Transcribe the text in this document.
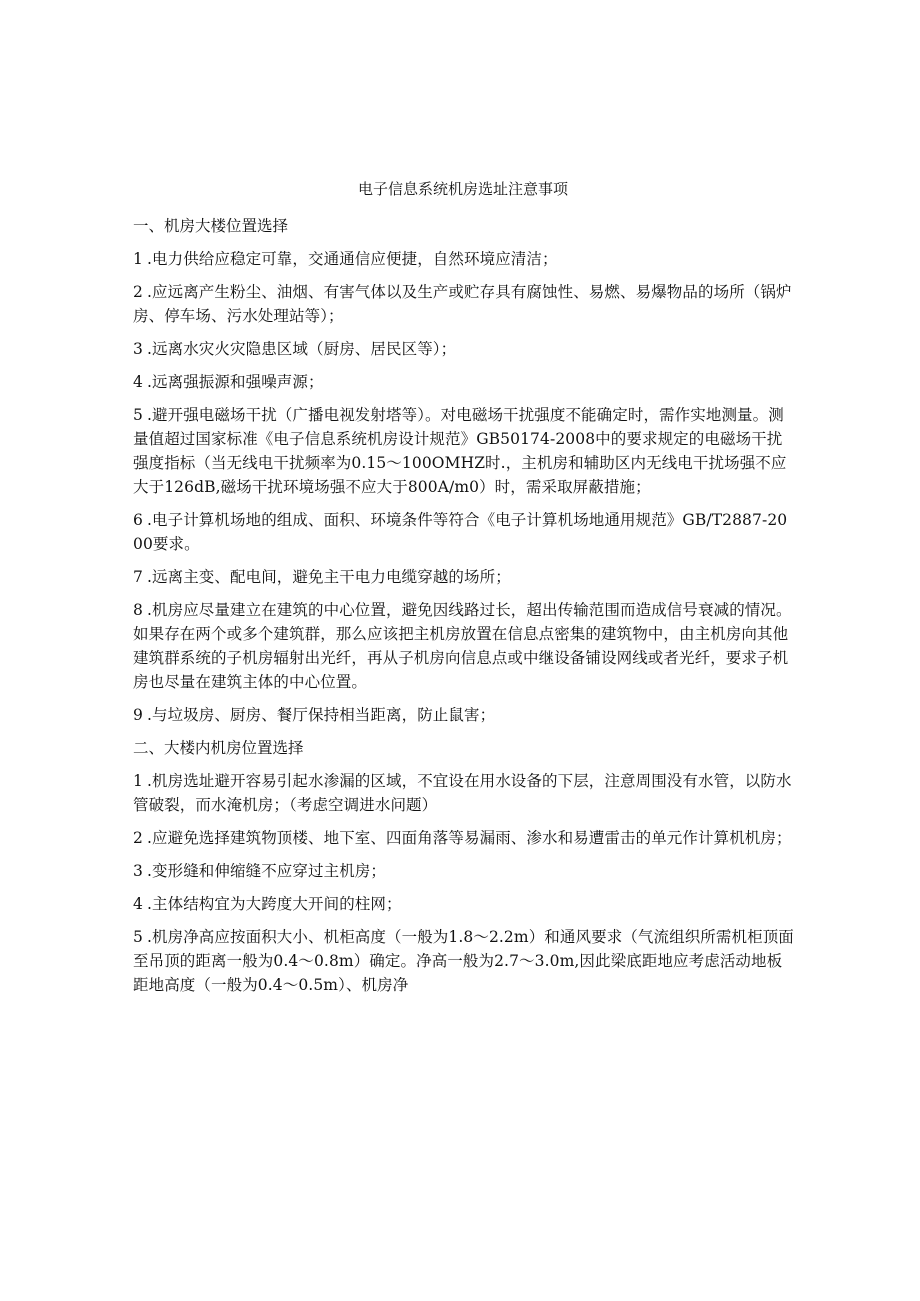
电子信息系统机房选址注意事项

一、机房大楼位置选择

1 .电力供给应稳定可靠，交通通信应便捷，自然环境应清洁；

2 .应远离产生粉尘、油烟、有害气体以及生产或贮存具有腐蚀性、易燃、易爆物品的场所（锅炉房、停车场、污水处理站等）；

3 .远离水灾火灾隐患区域（厨房、居民区等）；

4 .远离强振源和强噪声源；

5 .避开强电磁场干扰（广播电视发射塔等）。对电磁场干扰强度不能确定时，需作实地测量。测量值超过国家标准《电子信息系统机房设计规范》GB50174-2008中的要求规定的电磁场干扰强度指标（当无线电干扰频率为0.15～100OMHZ时.，主机房和辅助区内无线电干扰场强不应大于126dB,磁场干扰环境场强不应大于800A∕m0）时，需采取屏蔽措施；

6 .电子计算机场地的组成、面积、环境条件等符合《电子计算机场地通用规范》GB/T2887-2000要求。

7 .远离主变、配电间，避免主干电力电缆穿越的场所；

8 .机房应尽量建立在建筑的中心位置，避免因线路过长，超出传输范围而造成信号衰减的情况。如果存在两个或多个建筑群，那么应该把主机房放置在信息点密集的建筑物中，由主机房向其他建筑群系统的子机房辐射出光纤，再从子机房向信息点或中继设备铺设网线或者光纤，要求子机房也尽量在建筑主体的中心位置。

9 .与垃圾房、厨房、餐厅保持相当距离，防止鼠害；

二、大楼内机房位置选择

1 .机房选址避开容易引起水渗漏的区域，不宜设在用水设备的下层，注意周围没有水管，以防水管破裂，而水淹机房；（考虑空调进水问题）

2 .应避免选择建筑物顶楼、地下室、四面角落等易漏雨、渗水和易遭雷击的单元作计算机机房；

3 .变形缝和伸缩缝不应穿过主机房；

4 .主体结构宜为大跨度大开间的柱网；

5 .机房净高应按面积大小、机柜高度（一般为1.8～2.2m）和通风要求（气流组织所需机柜顶面至吊顶的距离一般为0.4～0.8m）确定。净高一般为2.7～3.0m,因此梁底距地应考虑活动地板距地高度（一般为0.4～0.5m）、机房净
